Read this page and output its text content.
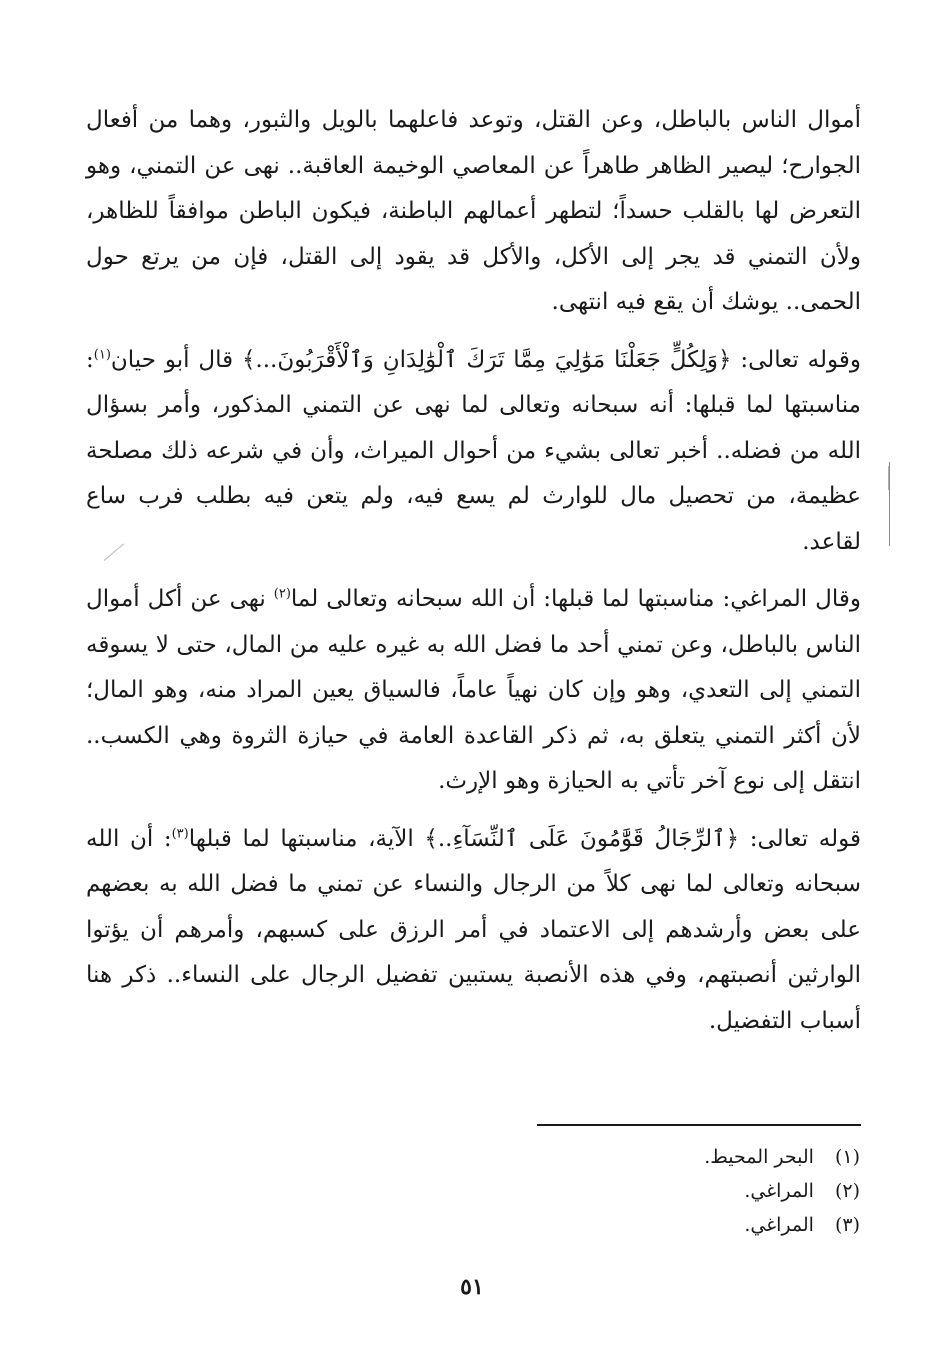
أموال الناس بالباطل، وعن القتل، وتوعد فاعلهما بالويل والثبور، وهما من أفعال الجوارح؛ ليصير الظاهر طاهراً عن المعاصي الوخيمة العاقبة.. نهى عن التمني، وهو التعرض لها بالقلب حسداً؛ لتطهر أعمالهم الباطنة، فيكون الباطن موافقاً للظاهر، ولأن التمني قد يجر إلى الأكل، والأكل قد يقود إلى القتل، فإن من يرتع حول الحمى.. يوشك أن يقع فيه انتهى.

وقوله تعالى: ﴿وَلِكُلٍّ جَعَلْنَا مَوَٰلِيَ مِمَّا تَرَكَ ٱلْوَٰلِدَانِ وَٱلْأَقْرَبُونَ...﴾ قال أبو حيان$^{(١)}$: مناسبتها لما قبلها: أنه سبحانه وتعالى لما نهى عن التمني المذكور، وأمر بسؤال الله من فضله.. أخبر تعالى بشيء من أحوال الميراث، وأن في شرعه ذلك مصلحة عظيمة، من تحصيل مال للوارث لم يسع فيه، ولم يتعن فيه بطلب فرب ساع لقاعد.

وقال المراغي: مناسبتها لما قبلها: أن الله سبحانه وتعالى لما$^{(٢)}$ نهى عن أكل أموال الناس بالباطل، وعن تمني أحد ما فضل الله به غيره عليه من المال، حتى لا يسوقه التمني إلى التعدي، وهو وإن كان نهياً عاماً، فالسياق يعين المراد منه، وهو المال؛ لأن أكثر التمني يتعلق به، ثم ذكر القاعدة العامة في حيازة الثروة وهي الكسب.. انتقل إلى نوع آخر تأتي به الحيازة وهو الإرث.

قوله تعالى: ﴿ٱلرِّجَالُ قَوَّٰمُونَ عَلَى ٱلنِّسَآءِ..﴾ الآية، مناسبتها لما قبلها$^{(٣)}$: أن الله سبحانه وتعالى لما نهى كلاً من الرجال والنساء عن تمني ما فضل الله به بعضهم على بعض وأرشدهم إلى الاعتماد في أمر الرزق على كسبهم، وأمرهم أن يؤتوا الوارثين أنصبتهم، وفي هذه الأنصبة يستبين تفضيل الرجال على النساء.. ذكر هنا أسباب التفضيل.

(١) البحر المحيط.
(٢) المراغي.
(٣) المراغي.
٥١
